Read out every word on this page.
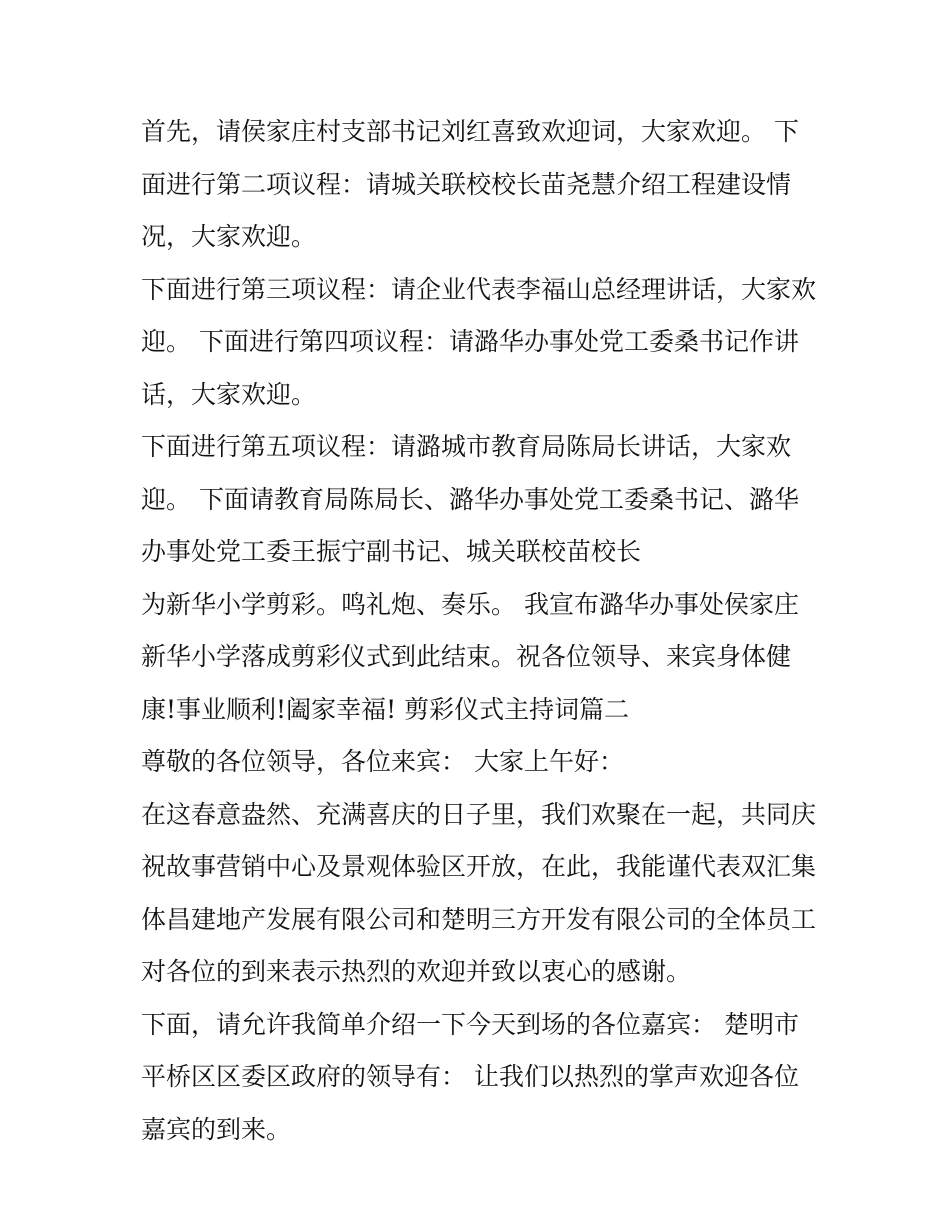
首先，请侯家庄村支部书记刘红喜致欢迎词，大家欢迎。 下
面进行第二项议程：请城关联校校长苗尧慧介绍工程建设情
况，大家欢迎。
下面进行第三项议程：请企业代表李福山总经理讲话，大家欢
迎。 下面进行第四项议程：请潞华办事处党工委桑书记作讲
话，大家欢迎。
下面进行第五项议程：请潞城市教育局陈局长讲话，大家欢
迎。 下面请教育局陈局长、潞华办事处党工委桑书记、潞华
办事处党工委王振宁副书记、城关联校苗校长
为新华小学剪彩。鸣礼炮、奏乐。 我宣布潞华办事处侯家庄
新华小学落成剪彩仪式到此结束。祝各位领导、来宾身体健
康!事业顺利!阖家幸福! 剪彩仪式主持词篇二
尊敬的各位领导，各位来宾： 大家上午好：
在这春意盎然、充满喜庆的日子里，我们欢聚在一起，共同庆
祝故事营销中心及景观体验区开放，在此，我能谨代表双汇集
体昌建地产发展有限公司和楚明三方开发有限公司的全体员工
对各位的到来表示热烈的欢迎并致以衷心的感谢。
下面，请允许我简单介绍一下今天到场的各位嘉宾： 楚明市
平桥区区委区政府的领导有： 让我们以热烈的掌声欢迎各位
嘉宾的到来。
